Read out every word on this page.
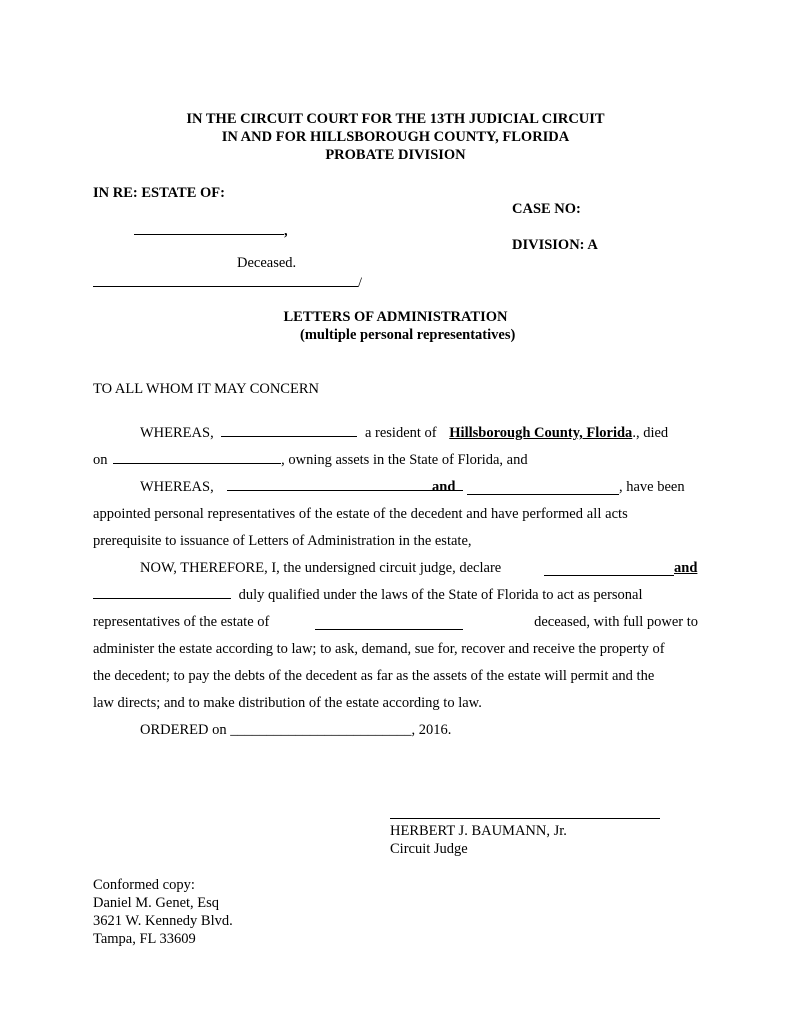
IN THE CIRCUIT COURT FOR THE 13TH JUDICIAL CIRCUIT
IN AND FOR HILLSBOROUGH COUNTY, FLORIDA
PROBATE DIVISION
IN RE: ESTATE OF:
,
Deceased.
/
CASE NO:
DIVISION: A
LETTERS OF ADMINISTRATION
(multiple personal representatives)
TO ALL WHOM IT MAY CONCERN
WHEREAS,	a resident of Hillsborough County, Florida., died
on	, owning assets in the State of Florida, and
WHEREAS,	and	, have been
appointed personal representatives of the estate of the decedent and have performed all acts
prerequisite to issuance of Letters of Administration in the estate,
NOW, THEREFORE, I, the undersigned circuit judge, declare	and
duly qualified under the laws of the State of Florida to act as personal
representatives of the estate of	deceased, with full power to
administer the estate according to law; to ask, demand, sue for, recover and receive the property of
the decedent; to pay the debts of the decedent as far as the assets of the estate will permit and the
law directs; and to make distribution of the estate according to law.
ORDERED on _________________________, 2016.
HERBERT J. BAUMANN, Jr.
Circuit Judge
Conformed copy:
Daniel M. Genet, Esq
3621 W. Kennedy Blvd.
Tampa, FL 33609
